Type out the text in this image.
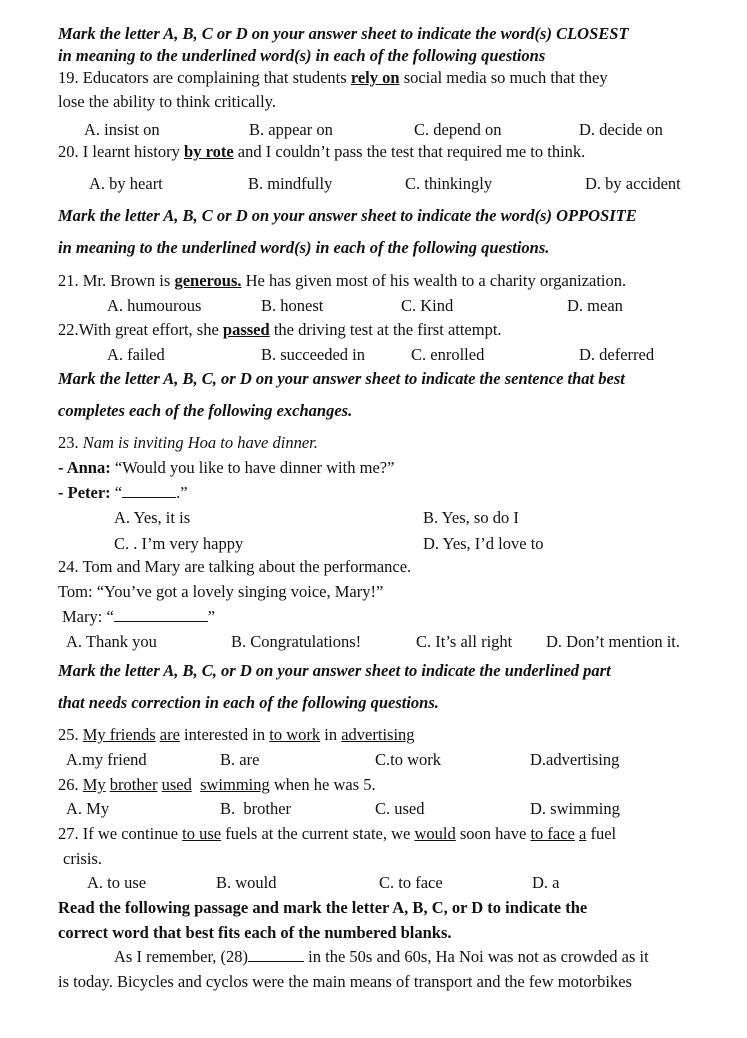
Mark the letter A, B, C or D on your answer sheet to indicate the word(s) CLOSEST
in meaning to the underlined word(s) in each of the following questions
19. Educators are complaining that students rely on social media so much that they
lose the ability to think critically.
A. insist on	B. appear on	C. depend on	D. decide on
20. I learnt history by rote and I couldn’t pass the test that required me to think.
A. by heart	B. mindfully	C. thinkingly	D. by accident
Mark the letter A, B, C or D on your answer sheet to indicate the word(s) OPPOSITE
in meaning to the underlined word(s) in each of the following questions.
21. Mr. Brown is generous. He has given most of his wealth to a charity organization.
A. humourous	B. honest	C. Kind	D. mean
22.With great effort, she passed the driving test at the first attempt.
A. failed	B. succeeded in	C. enrolled	D. deferred
Mark the letter A, B, C, or D on your answer sheet to indicate the sentence that best
completes each of the following exchanges.
23. Nam is inviting Hoa to have dinner.
- Anna: “Would you like to have dinner with me?”
- Peter: “	.”
A. Yes, it is	B. Yes, so do I
C. . I’m very happy	D. Yes, I’d love to
24. Tom and Mary are talking about the performance.
Tom: “You’ve got a lovely singing voice, Mary!”
Mary: “	”
A. Thank you	B. Congratulations!	C. It’s all right D. Don’t mention it.
Mark the letter A, B, C, or D on your answer sheet to indicate the underlined part
that needs correction in each of the following questions.
25. My friends are interested in to work in advertising
A.my friend	B. are	C.to work	D.advertising
26. My brother used swimming when he was 5.
A. My	B.  brother	C. used	D. swimming
27. If we continue to use fuels at the current state, we would soon have to face a fuel
crisis.
A. to use	B. would	C. to face	D. a
Read the following passage and mark the letter A, B, C, or D to indicate the
correct word that best fits each of the numbered blanks.
As I remember, (28)	in the 50s and 60s, Ha Noi was not as crowded as it
is today. Bicycles and cyclos were the main means of transport and the few motorbikes
